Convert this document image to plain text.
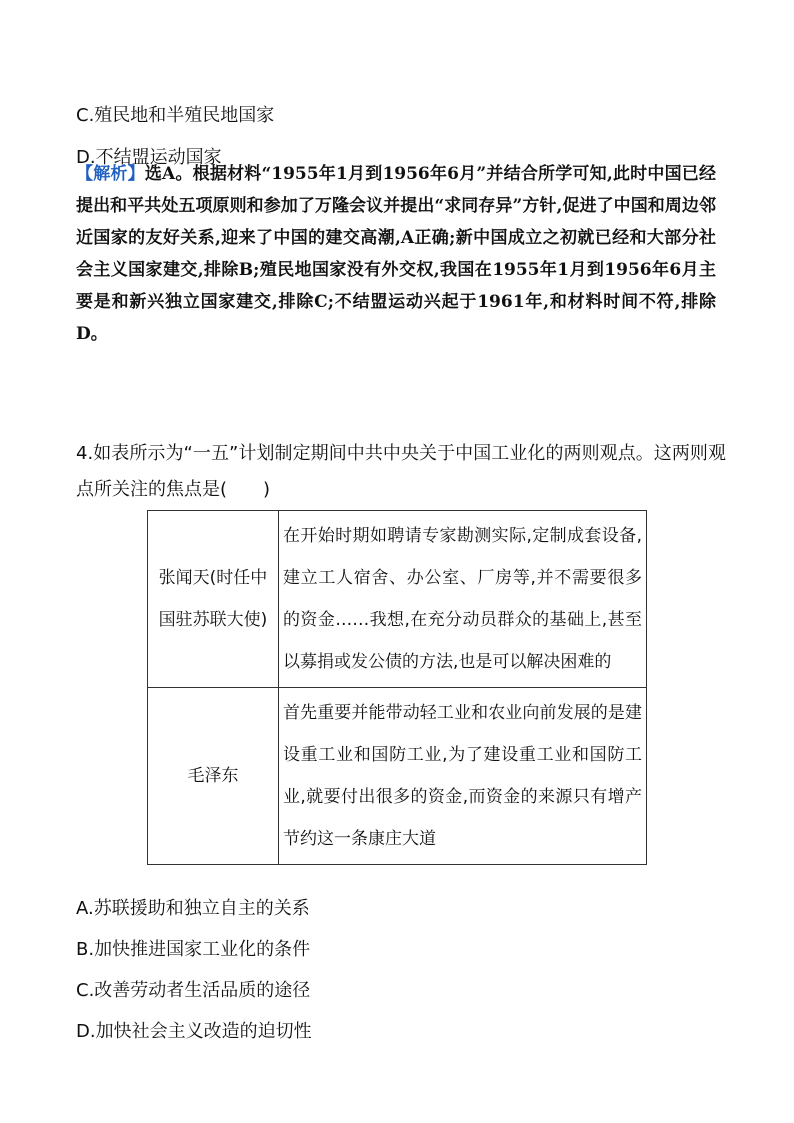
C.殖民地和半殖民地国家
D.不结盟运动国家
【解析】选A。根据材料“1955年1月到1956年6月”并结合所学可知,此时中国已经提出和平共处五项原则和参加了万隆会议并提出“求同存异”方针,促进了中国和周边邻近国家的友好关系,迎来了中国的建交高潮,A正确;新中国成立之初就已经和大部分社会主义国家建交,排除B;殖民地国家没有外交权,我国在1955年1月到1956年6月主要是和新兴独立国家建交,排除C;不结盟运动兴起于1961年,和材料时间不符,排除D。
4.如表所示为“一五”计划制定期间中共中央关于中国工业化的两则观点。这两则观点所关注的焦点是(　　)
张闻天(时任中国驻苏联大使)	在开始时期如聘请专家勘测实际,定制成套设备,建立工人宿舍、办公室、厂房等,并不需要很多的资金……我想,在充分动员群众的基础上,甚至以募捐或发公债的方法,也是可以解决困难的
毛泽东	首先重要并能带动轻工业和农业向前发展的是建设重工业和国防工业,为了建设重工业和国防工业,就要付出很多的资金,而资金的来源只有增产节约这一条康庄大道
A.苏联援助和独立自主的关系
B.加快推进国家工业化的条件
C.改善劳动者生活品质的途径
D.加快社会主义改造的迫切性
